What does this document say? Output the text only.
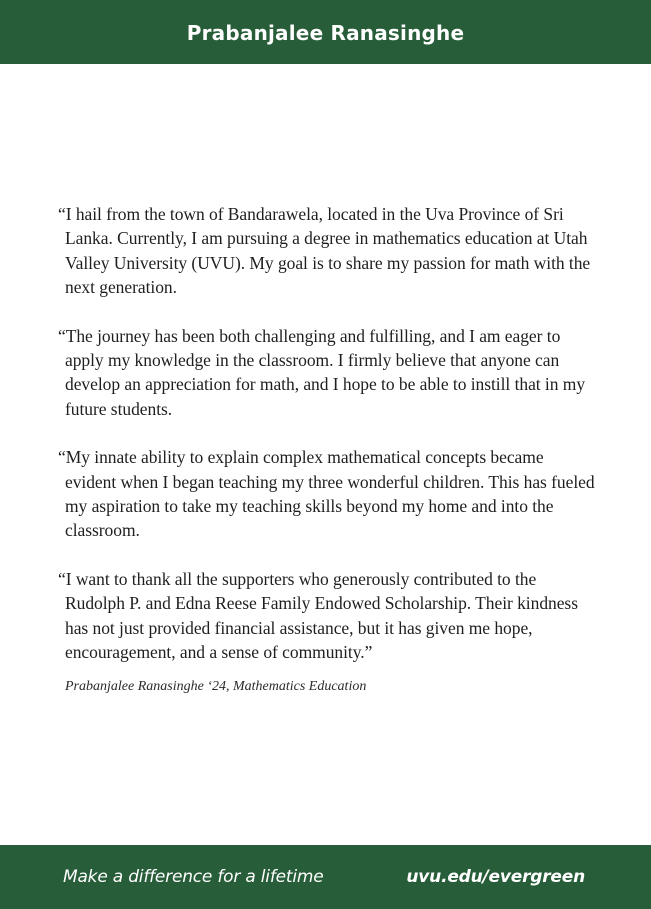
Prabanjalee Ranasinghe

“I hail from the town of Bandarawela, located in the Uva Province of Sri Lanka. Currently, I am pursuing a degree in mathematics education at Utah Valley University (UVU). My goal is to share my passion for math with the next generation.

“The journey has been both challenging and fulfilling, and I am eager to apply my knowledge in the classroom. I firmly believe that anyone can develop an appreciation for math, and I hope to be able to instill that in my future students.

“My innate ability to explain complex mathematical concepts became evident when I began teaching my three wonderful children. This has fueled my aspiration to take my teaching skills beyond my home and into the classroom.

“I want to thank all the supporters who generously contributed to the Rudolph P. and Edna Reese Family Endowed Scholarship. Their kindness has not just provided financial assistance, but it has given me hope, encouragement, and a sense of community.”

Prabanjalee Ranasinghe ‘24, Mathematics Education

Make a difference for a lifetime	uvu.edu/evergreen
